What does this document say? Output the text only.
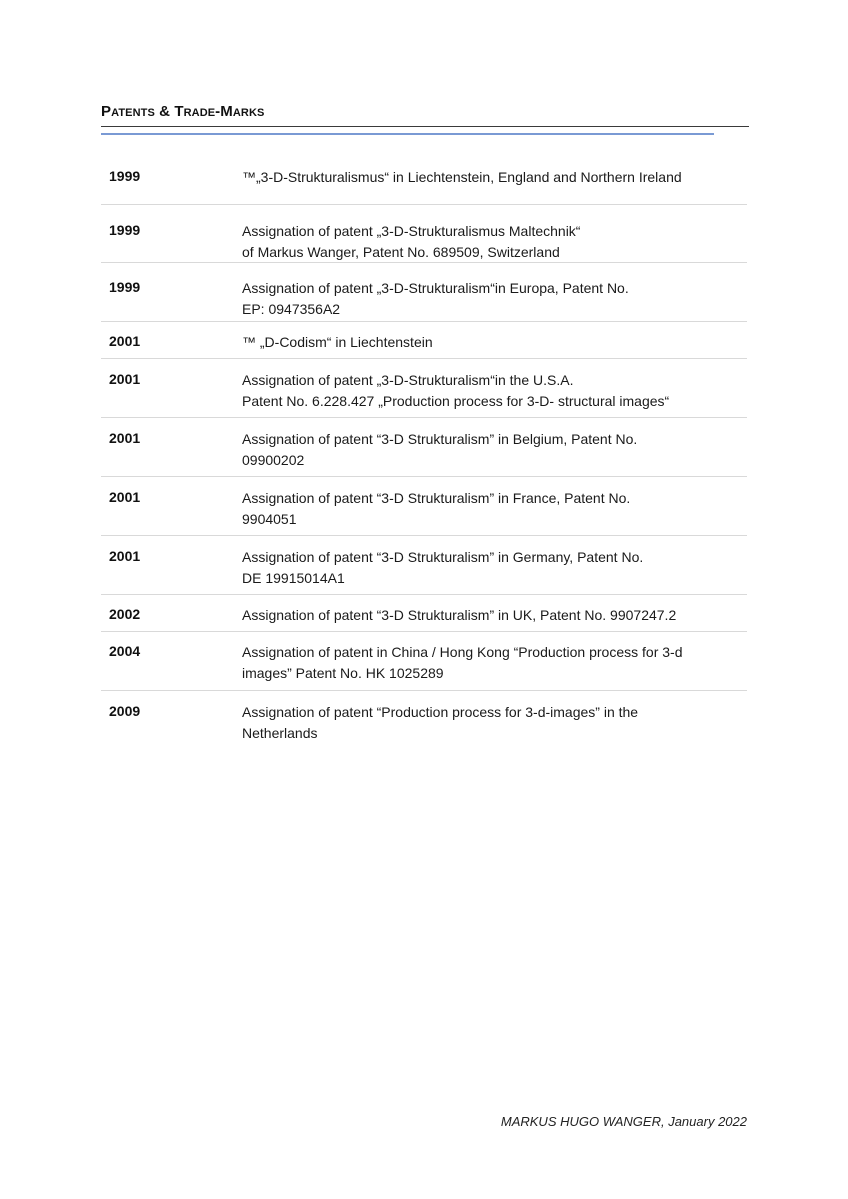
Patents & Trade-Marks
1999	™„3-D-Strukturalismus“ in Liechtenstein, England and Northern Ireland
1999	Assignation of patent „3-D-Strukturalismus Maltechnik“
of Markus Wanger, Patent No. 689509, Switzerland
1999	Assignation of patent „3-D-Strukturalism“in Europa, Patent No.
EP: 0947356A2
2001	™ „D-Codism“ in Liechtenstein
2001	Assignation of patent „3-D-Strukturalism“in the U.S.A.
Patent No. 6.228.427 „Production process for 3-D- structural images“
2001	Assignation of patent “3-D Strukturalism” in Belgium, Patent No.
09900202
2001	Assignation of patent “3-D Strukturalism” in France, Patent No.
9904051
2001	Assignation of patent “3-D Strukturalism” in Germany, Patent No.
DE 19915014A1
2002	Assignation of patent “3-D Strukturalism” in UK, Patent No. 9907247.2
2004	Assignation of patent in China / Hong Kong “Production process for 3-d
images” Patent No. HK 1025289
2009	Assignation of patent “Production process for 3-d-images” in the
Netherlands
MARKUS HUGO WANGER, January 2022
